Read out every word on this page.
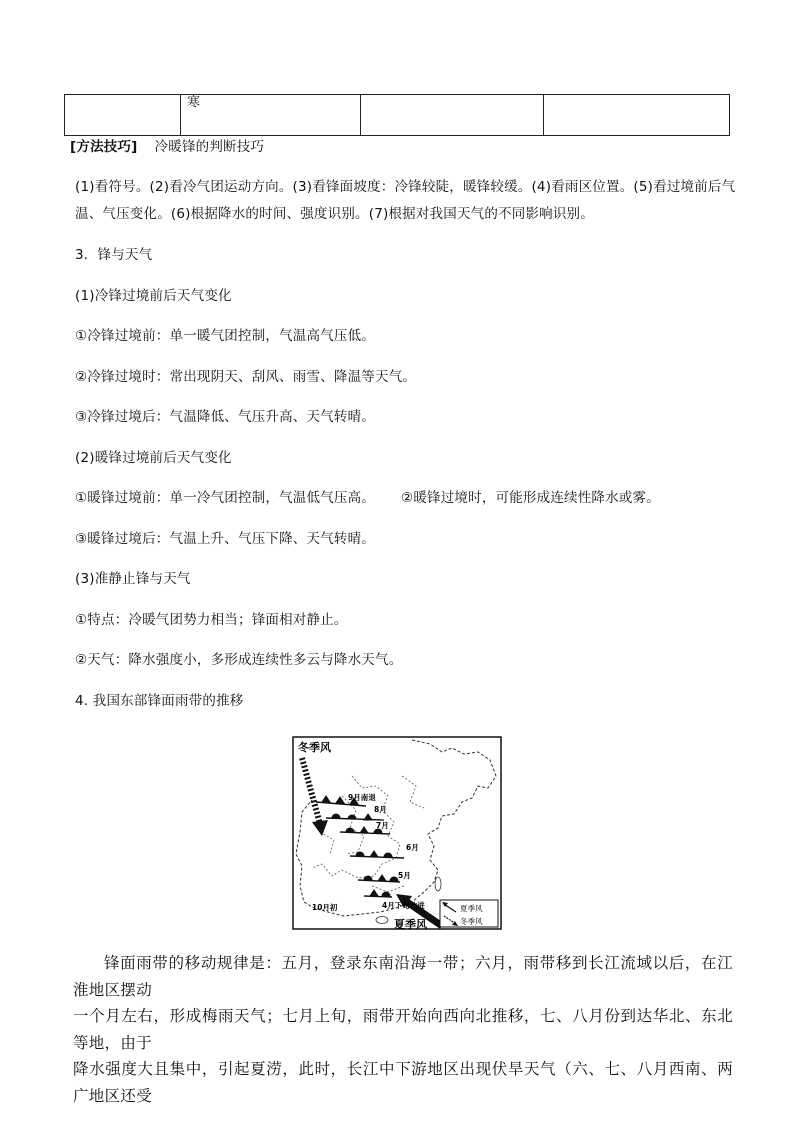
	寒		
[方法技巧] 冷暖锋的判断技巧
(1)看符号。(2)看冷气团运动方向。(3)看锋面坡度：冷锋较陡，暖锋较缓。(4)看雨区位置。(5)看过境前后气
温、气压变化。(6)根据降水的时间、强度识别。(7)根据对我国天气的不同影响识别。
3．锋与天气
(1)冷锋过境前后天气变化
①冷锋过境前：单一暖气团控制，气温高气压低。
②冷锋过境时：常出现阴天、刮风、雨雪、降温等天气。
③冷锋过境后：气温降低、气压升高、天气转晴。
(2)暖锋过境前后天气变化
①暖锋过境前：单一冷气团控制，气温低气压高。 ②暖锋过境时，可能形成连续性降水或雾。
③暖锋过境后：气温上升、气压下降、天气转晴。
(3)准静止锋与天气
①特点：冷暖气团势力相当；锋面相对静止。
②天气：降水强度小，多形成连续性多云与降水天气。
4. 我国东部锋面雨带的推移
冬季风
夏季风
9月南退
8月
7月
6月
5月
4月下旬北进
10月初	夏季风
冬季风
锋面雨带的移动规律是：五月，登录东南沿海一带；六月，雨带移到长江流域以后，在江淮地区摆动
一个月左右，形成梅雨天气；七月上旬，雨带开始向西向北推移，七、八月份到达华北、东北等地，由于
降水强度大且集中，引起夏涝，此时，长江中下游地区出现伏旱天气（六、七、八月西南、两广地区还受
